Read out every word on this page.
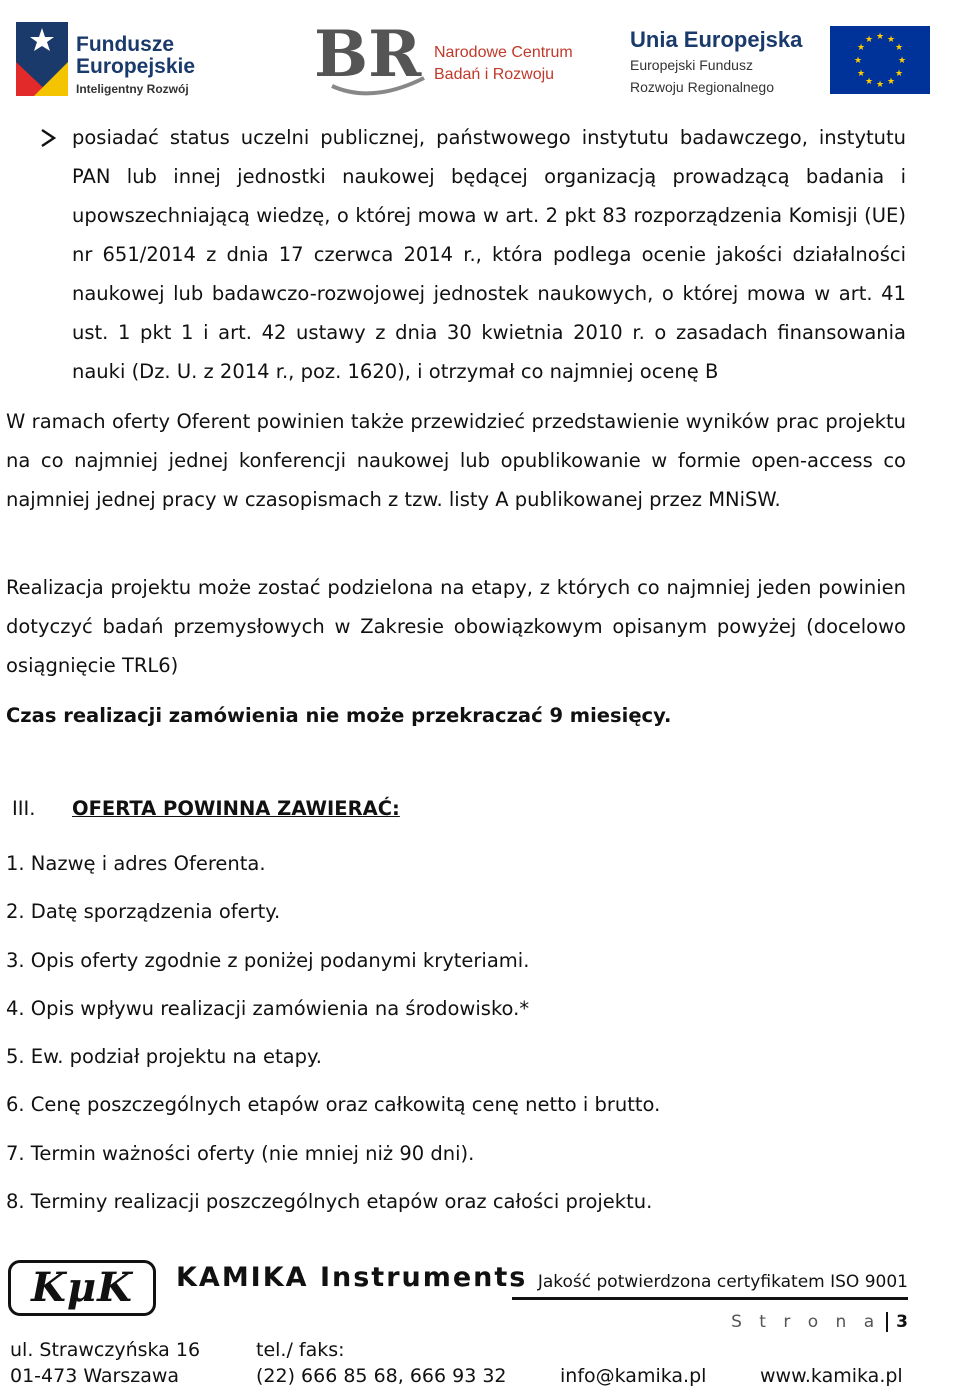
Fundusze
Europejskie
Inteligentny Rozwój BR Narodowe Centrum
Badań i Rozwoju
Unia Europejska
Europejski Fundusz
Rozwoju Regionalnego
★ ★
★
★
★
★
★
★
★
★
★
★
posiadać status uczelni publicznej, państwowego instytutu badawczego, instytutu PAN lub innej jednostki naukowej będącej organizacją prowadzącą badania i upowszechniającą wiedzę, o której mowa w art. 2 pkt 83 rozporządzenia Komisji (UE) nr 651/2014 z dnia 17 czerwca 2014 r., która podlega ocenie jakości działalności naukowej lub badawczo-rozwojowej jednostek naukowych, o której mowa w art. 41 ust. 1 pkt 1 i art. 42 ustawy z dnia 30 kwietnia 2010 r. o zasadach finansowania nauki (Dz. U. z 2014 r., poz. 1620), i otrzymał co najmniej ocenę B
W ramach oferty Oferent powinien także przewidzieć przedstawienie wyników prac projektu na co najmniej jednej konferencji naukowej lub opublikowanie w formie open-access co najmniej jednej pracy w czasopismach z tzw. listy A publikowanej przez MNiSW.
Realizacja projektu może zostać podzielona na etapy, z których co najmniej jeden powinien dotyczyć badań przemysłowych w Zakresie obowiązkowym opisanym powyżej (docelowo osiągnięcie TRL6)
Czas realizacji zamówienia nie może przekraczać 9 miesięcy.
III. OFERTA POWINNA ZAWIERAĆ:
1. Nazwę i adres Oferenta.
2. Datę sporządzenia oferty.
3. Opis oferty zgodnie z poniżej podanymi kryteriami.
4. Opis wpływu realizacji zamówienia na środowisko.*
5. Ew. podział projektu na etapy.
6. Cenę poszczególnych etapów oraz całkowitą cenę netto i brutto.
7. Termin ważności oferty (nie mniej niż 90 dni).
8. Terminy realizacji poszczególnych etapów oraz całości projektu.
KμK	KAMIKA Instruments Jakość potwierdzona certyfikatem ISO 9001
S t r o n a 3
ul. Strawczyńska 16
01-473 Warszawa
tel./ faks:
(22) 666 85 68, 666 93 32	info@kamika.pl	www.kamika.pl
